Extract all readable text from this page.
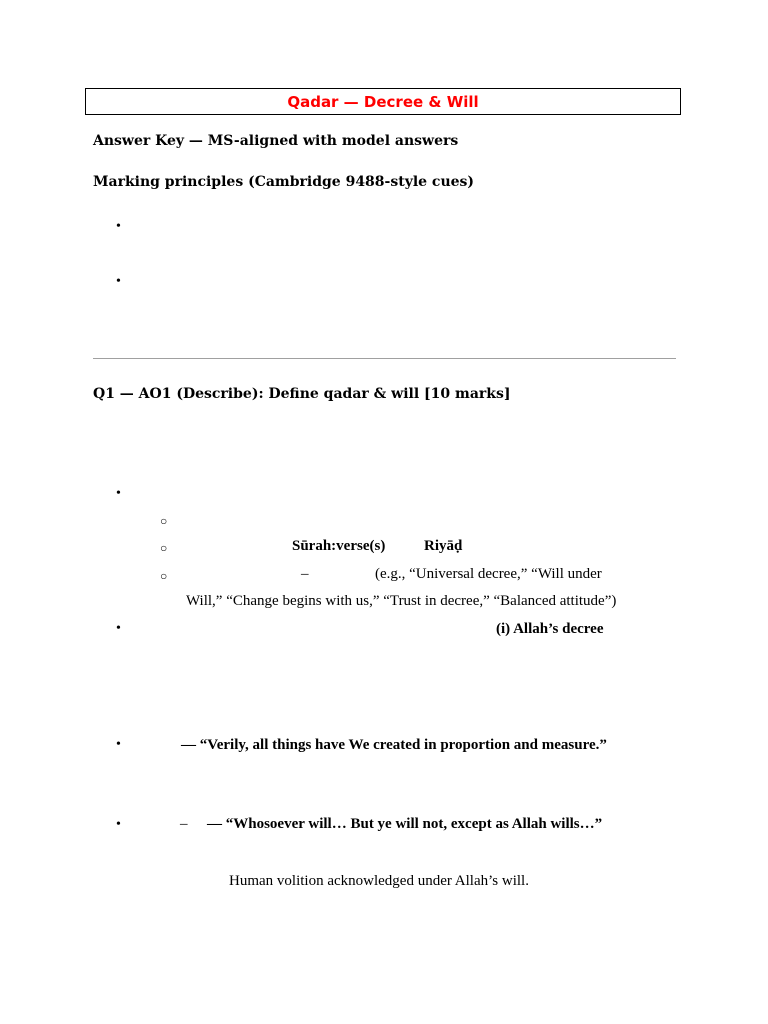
Qadar — Decree & Will
Answer Key — MS-aligned with model answers
Marking principles (Cambridge 9488-style cues)
•
•
Q1 — AO1 (Describe): Define qadar & will [10 marks]
•
○
○	Sūrah:verse(s)	Riyāḍ
○	–	(e.g., “Universal decree,” “Will under
Will,” “Change begins with us,” “Trust in decree,” “Balanced attitude”)
•	(i) Allah’s decree
•	— “Verily, all things have We created in proportion and measure.”
•	– — “Whosoever will… But ye will not, except as Allah wills…”
Human volition acknowledged under Allah’s will.
